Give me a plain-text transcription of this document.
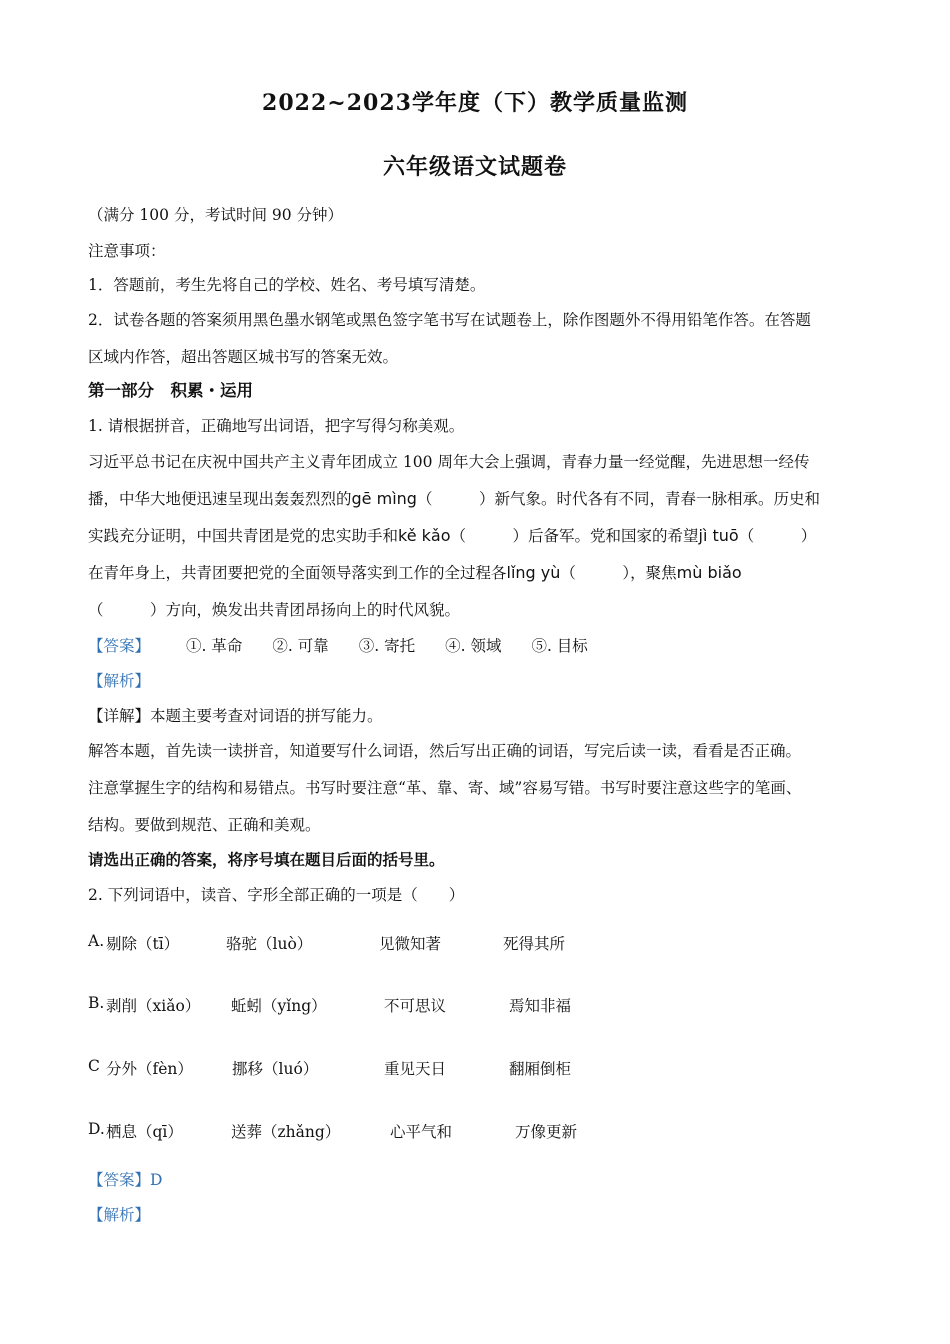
2022~2023学年度（下）教学质量监测
六年级语文试题卷
（满分 100 分，考试时间 90 分钟）
注意事项：
1．答题前，考生先将自己的学校、姓名、考号填写清楚。
2．试卷各题的答案须用黑色墨水钢笔或黑色签字笔书写在试题卷上，除作图题外不得用铅笔作答。在答题
区域内作答，超出答题区城书写的答案无效。
第一部分　积累・运用
1. 请根据拼音，正确地写出词语，把字写得匀称美观。
习近平总书记在庆祝中国共产主义青年团成立 100 周年大会上强调，青春力量一经觉醒，先进思想一经传
播，中华大地便迅速呈现出轰轰烈烈的gē mìng（　　　）新气象。时代各有不同，青春一脉相承。历史和
实践充分证明，中国共青团是党的忠实助手和kě kǎo（　　　）后备军。党和国家的希望jì tuō（　　　）
在青年身上，共青团要把党的全面领导落实到工作的全过程各lǐng yù（　　　），聚焦mù biǎo
（　　　）方向，焕发出共青团昂扬向上的时代风貌。
【答案】 ①. 革命 ②. 可靠 ③. 寄托 ④. 领域 ⑤. 目标
【解析】
【详解】本题主要考查对词语的拼写能力。
解答本题，首先读一读拼音，知道要写什么词语，然后写出正确的词语，写完后读一读，看看是否正确。
注意掌握生字的结构和易错点。书写时要注意“革、靠、寄、域”容易写错。书写时要注意这些字的笔画、
结构。要做到规范、正确和美观。
请选出正确的答案，将序号填在题目后面的括号里。
2. 下列词语中，读音、字形全部正确的一项是（　　）
A. 剔除（tī）	骆驼（luò）	见微知著	死得其所
B. 剥削（xiǎo） 蚯蚓（yǐng）	不可思议	焉知非福
C 分外（fèn）	挪移（luó）	重见天日	翻厢倒柜
D. 栖息（qī）	送葬（zhǎng）	心平气和	万像更新
【答案】D
【解析】
